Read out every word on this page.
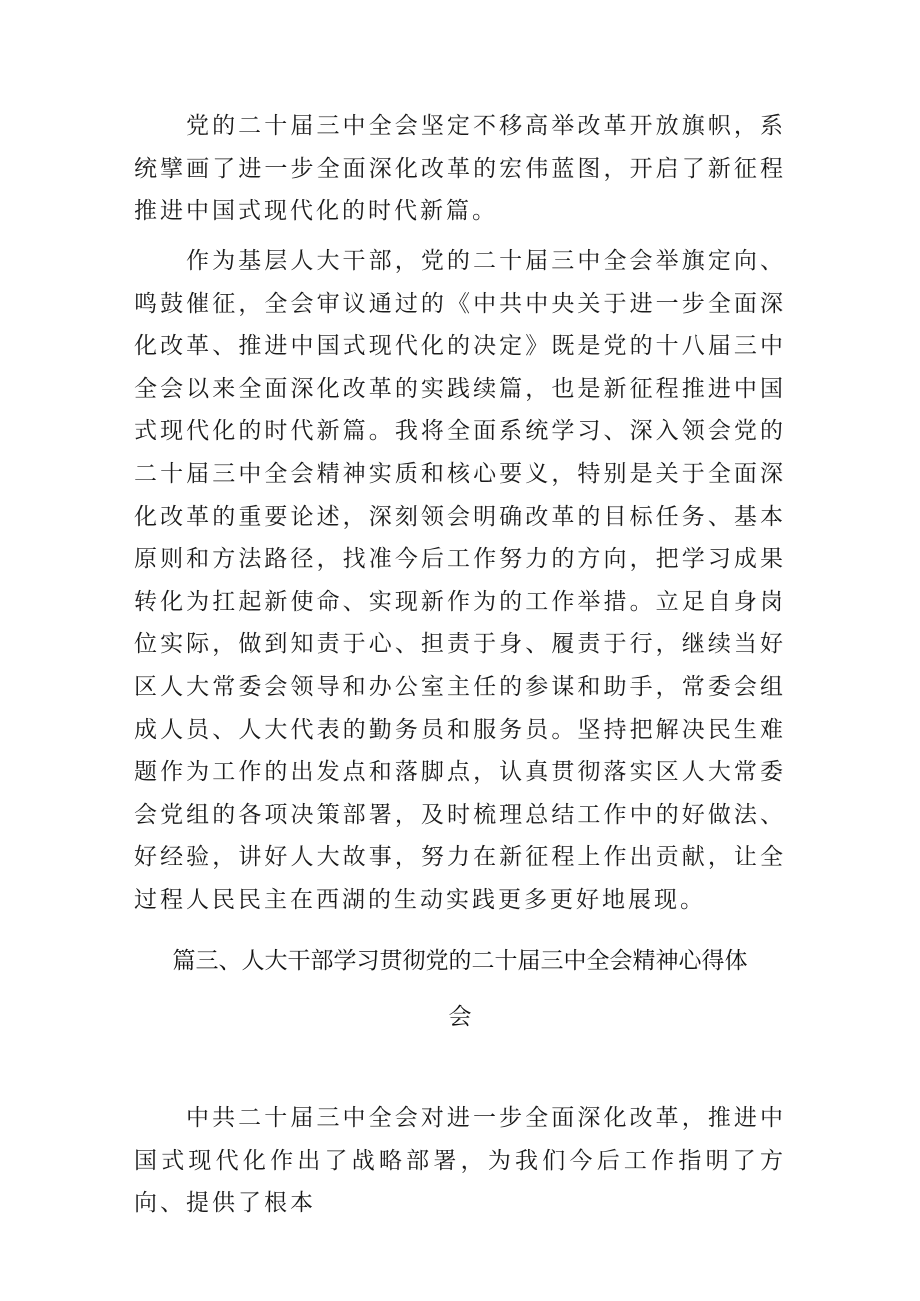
党的二十届三中全会坚定不移高举改革开放旗帜，系统擘画了进一步全面深化改革的宏伟蓝图，开启了新征程推进中国式现代化的时代新篇。

作为基层人大干部，党的二十届三中全会举旗定向、鸣鼓催征，全会审议通过的《中共中央关于进一步全面深化改革、推进中国式现代化的决定》既是党的十八届三中全会以来全面深化改革的实践续篇，也是新征程推进中国式现代化的时代新篇。我将全面系统学习、深入领会党的二十届三中全会精神实质和核心要义，特别是关于全面深化改革的重要论述，深刻领会明确改革的目标任务、基本原则和方法路径，找准今后工作努力的方向，把学习成果转化为扛起新使命、实现新作为的工作举措。立足自身岗位实际，做到知责于心、担责于身、履责于行，继续当好区人大常委会领导和办公室主任的参谋和助手，常委会组成人员、人大代表的勤务员和服务员。坚持把解决民生难题作为工作的出发点和落脚点，认真贯彻落实区人大常委会党组的各项决策部署，及时梳理总结工作中的好做法、好经验，讲好人大故事，努力在新征程上作出贡献，让全过程人民民主在西湖的生动实践更多更好地展现。

篇三、人大干部学习贯彻党的二十届三中全会精神心得体
会

中共二十届三中全会对进一步全面深化改革，推进中国式现代化作出了战略部署，为我们今后工作指明了方向、提供了根本
